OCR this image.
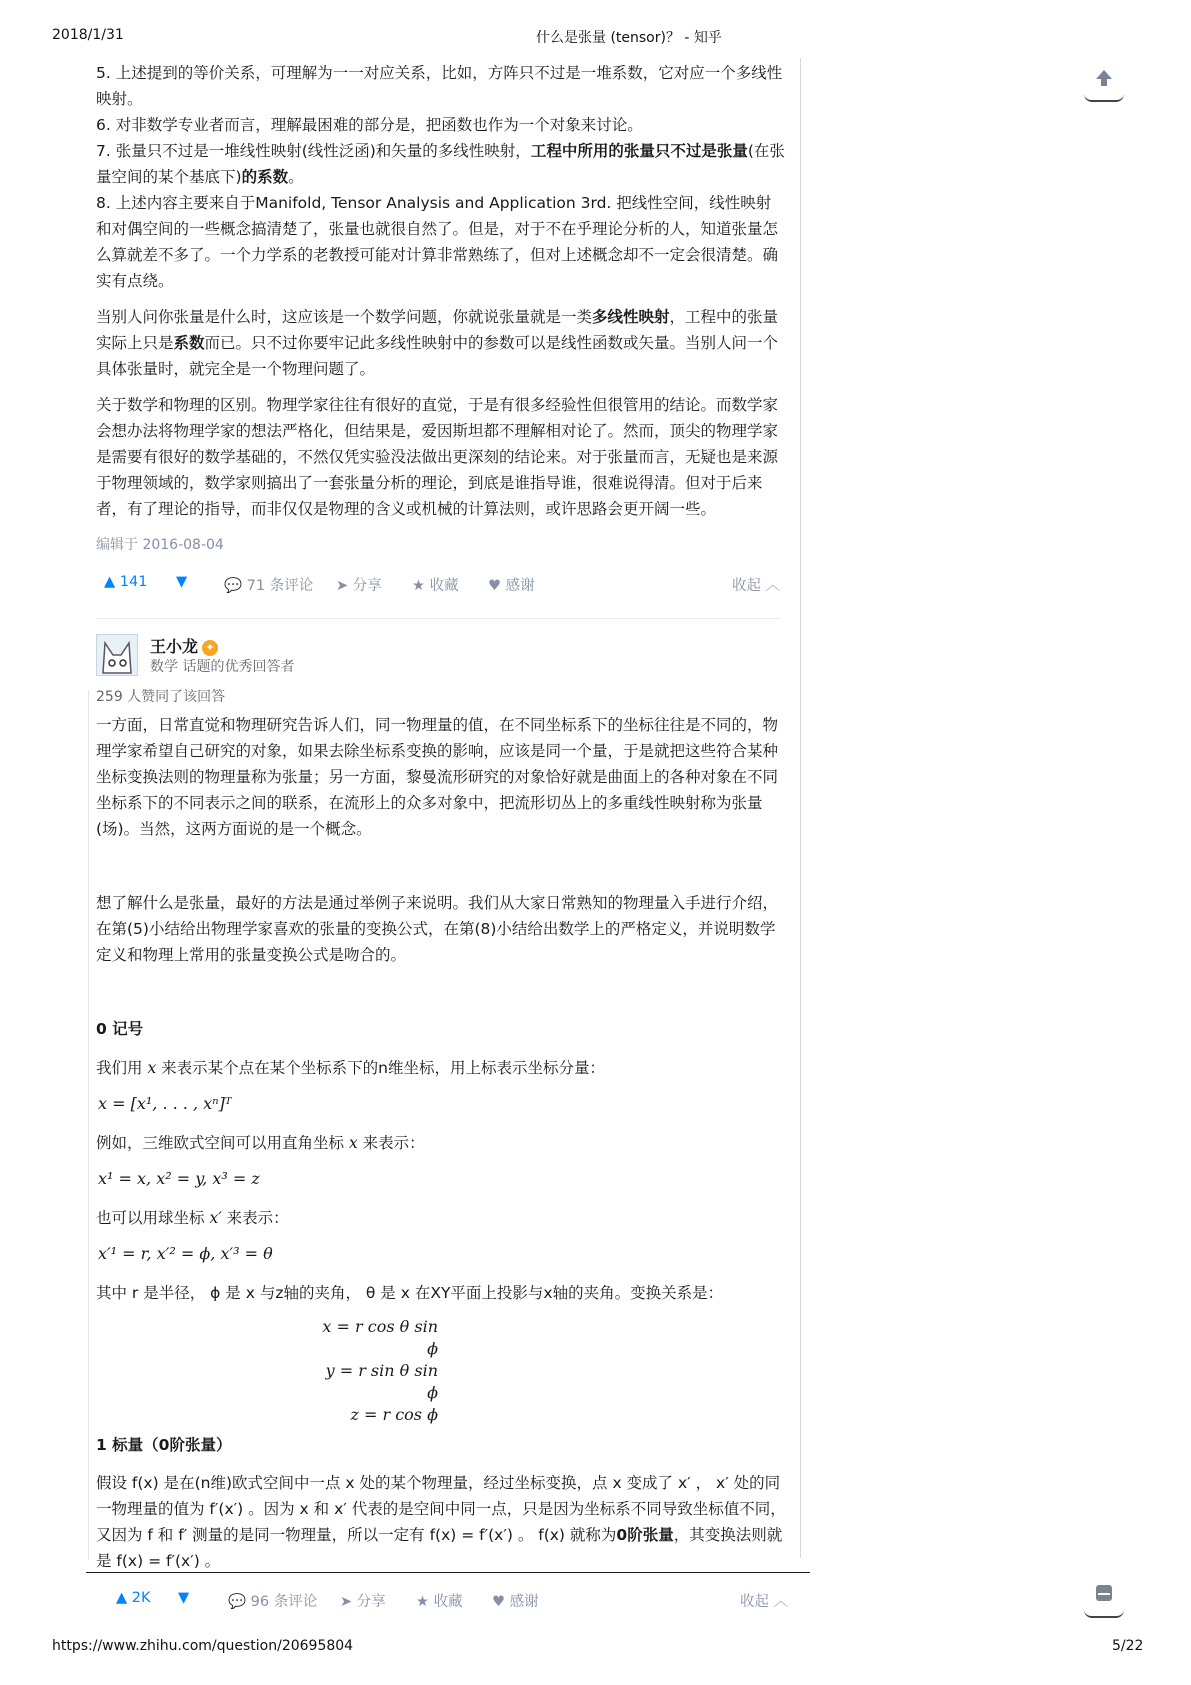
2018/1/31	什么是张量 (tensor)？ - 知乎

5. 上述提到的等价关系，可理解为一一对应关系，比如，方阵只不过是一堆系数，它对应一个多线性映射。

6. 对非数学专业者而言，理解最困难的部分是，把函数也作为一个对象来讨论。

7. 张量只不过是一堆线性映射(线性泛函)和矢量的多线性映射，工程中所用的张量只不过是张量(在张量空间的某个基底下)的系数。

8. 上述内容主要来自于Manifold, Tensor Analysis and Application 3rd. 把线性空间，线性映射和对偶空间的一些概念搞清楚了，张量也就很自然了。但是，对于不在乎理论分析的人，知道张量怎么算就差不多了。一个力学系的老教授可能对计算非常熟练了，但对上述概念却不一定会很清楚。确实有点绕。

当别人问你张量是什么时，这应该是一个数学问题，你就说张量就是一类多线性映射，工程中的张量实际上只是系数而已。只不过你要牢记此多线性映射中的参数可以是线性函数或矢量。当别人问一个具体张量时，就完全是一个物理问题了。

关于数学和物理的区别。物理学家往往有很好的直觉，于是有很多经验性但很管用的结论。而数学家会想办法将物理学家的想法严格化，但结果是，爱因斯坦都不理解相对论了。然而，顶尖的物理学家是需要有很好的数学基础的，不然仅凭实验没法做出更深刻的结论来。对于张量而言，无疑也是来源于物理领域的，数学家则搞出了一套张量分析的理论，到底是谁指导谁，很难说得清。但对于后来者，有了理论的指导，而非仅仅是物理的含义或机械的计算法则，或许思路会更开阔一些。

编辑于 2016-08-04

▲ 141 ▼	💬 71 条评论 ➤ 分享 ★ 收藏 ♥ 感谢	收起 ︿
王小龙 ✦
数学 话题的优秀回答者
259 人赞同了该回答
一方面，日常直觉和物理研究告诉人们，同一物理量的值，在不同坐标系下的坐标往往是不同的，物理学家希望自己研究的对象，如果去除坐标系变换的影响，应该是同一个量，于是就把这些符合某种坐标变换法则的物理量称为张量；另一方面，黎曼流形研究的对象恰好就是曲面上的各种对象在不同坐标系下的不同表示之间的联系，在流形上的众多对象中，把流形切丛上的多重线性映射称为张量(场)。当然，这两方面说的是一个概念。
想了解什么是张量，最好的方法是通过举例子来说明。我们从大家日常熟知的物理量入手进行介绍，在第(5)小结给出物理学家喜欢的张量的变换公式，在第(8)小结给出数学上的严格定义，并说明数学定义和物理上常用的张量变换公式是吻合的。
0 记号
我们用 x 来表示某个点在某个坐标系下的n维坐标，用上标表示坐标分量：
x = [x¹, . . . , xⁿ]ᵀ
例如，三维欧式空间可以用直角坐标 x 来表示：
x¹ = x, x² = y, x³ = z
也可以用球坐标 x′ 来表示：
x′¹ = r, x′² = ϕ, x′³ = θ
其中 r 是半径， ϕ 是 x 与z轴的夹角， θ 是 x 在XY平面上投影与x轴的夹角。变换关系是：
x = r cos θ sin ϕ
y = r sin θ sin ϕ
z = r cos ϕ
1 标量（0阶张量）
假设 f(x) 是在(n维)欧式空间中一点 x 处的某个物理量，经过坐标变换，点 x 变成了 x′ ， x′ 处的同一物理量的值为 f′(x′) 。因为 x 和 x′ 代表的是空间中同一点，只是因为坐标系不同导致坐标值不同，又因为 f 和 f′ 测量的是同一物理量，所以一定有 f(x) = f′(x′) 。 f(x) 就称为0阶张量，其变换法则就是 f(x) = f′(x′) 。
▲ 2K ▼	💬 96 条评论 ➤ 分享 ★ 收藏 ♥ 感谢	收起 ︿
https://www.zhihu.com/question/20695804	5/22
